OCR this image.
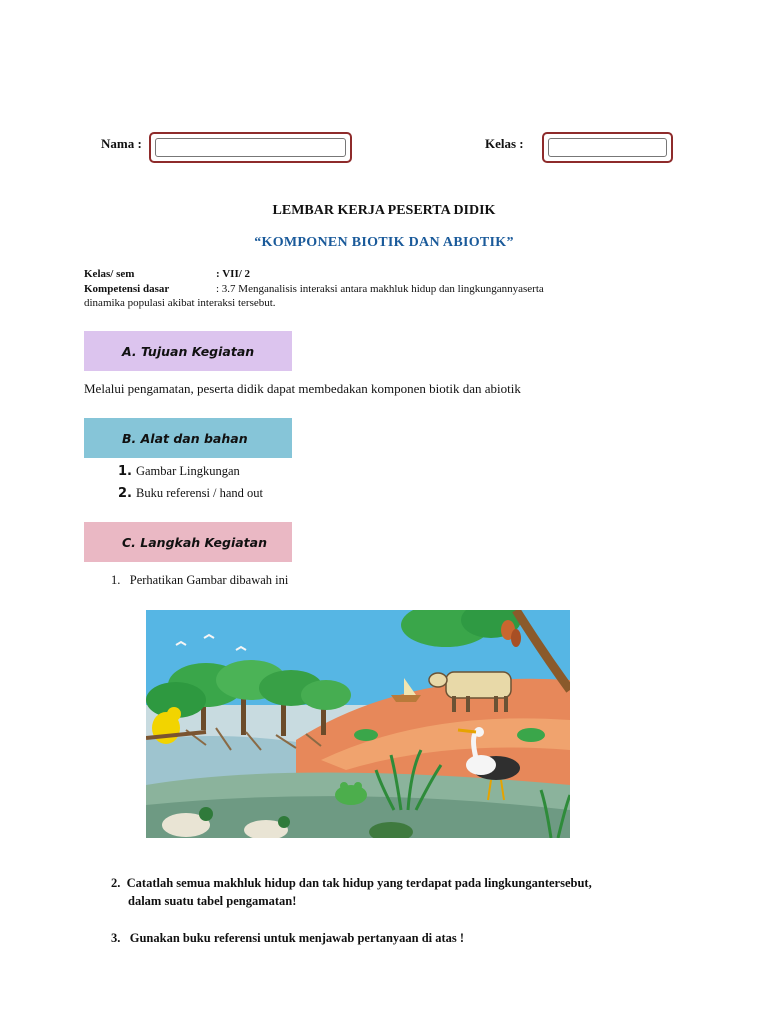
Nama :	Kelas :
LEMBAR KERJA PESERTA DIDIK
“KOMPONEN BIOTIK DAN ABIOTIK”
Kelas/ sem	: VII/ 2
Kompetensi dasar	: 3.7 Menganalisis interaksi antara makhluk hidup dan lingkungannyaserta
dinamika populasi akibat interaksi tersebut.
A. Tujuan Kegiatan
Melalui pengamatan, peserta didik dapat membedakan komponen biotik dan abiotik
B. Alat dan bahan
1. Gambar Lingkungan
2. Buku referensi / hand out
C. Langkah Kegiatan
1. Perhatikan Gambar dibawah ini
2. Catatlah semua makhluk hidup dan tak hidup yang terdapat pada lingkungantersebut,
dalam suatu tabel pengamatan!
3. Gunakan buku referensi untuk menjawab pertanyaan di atas !
